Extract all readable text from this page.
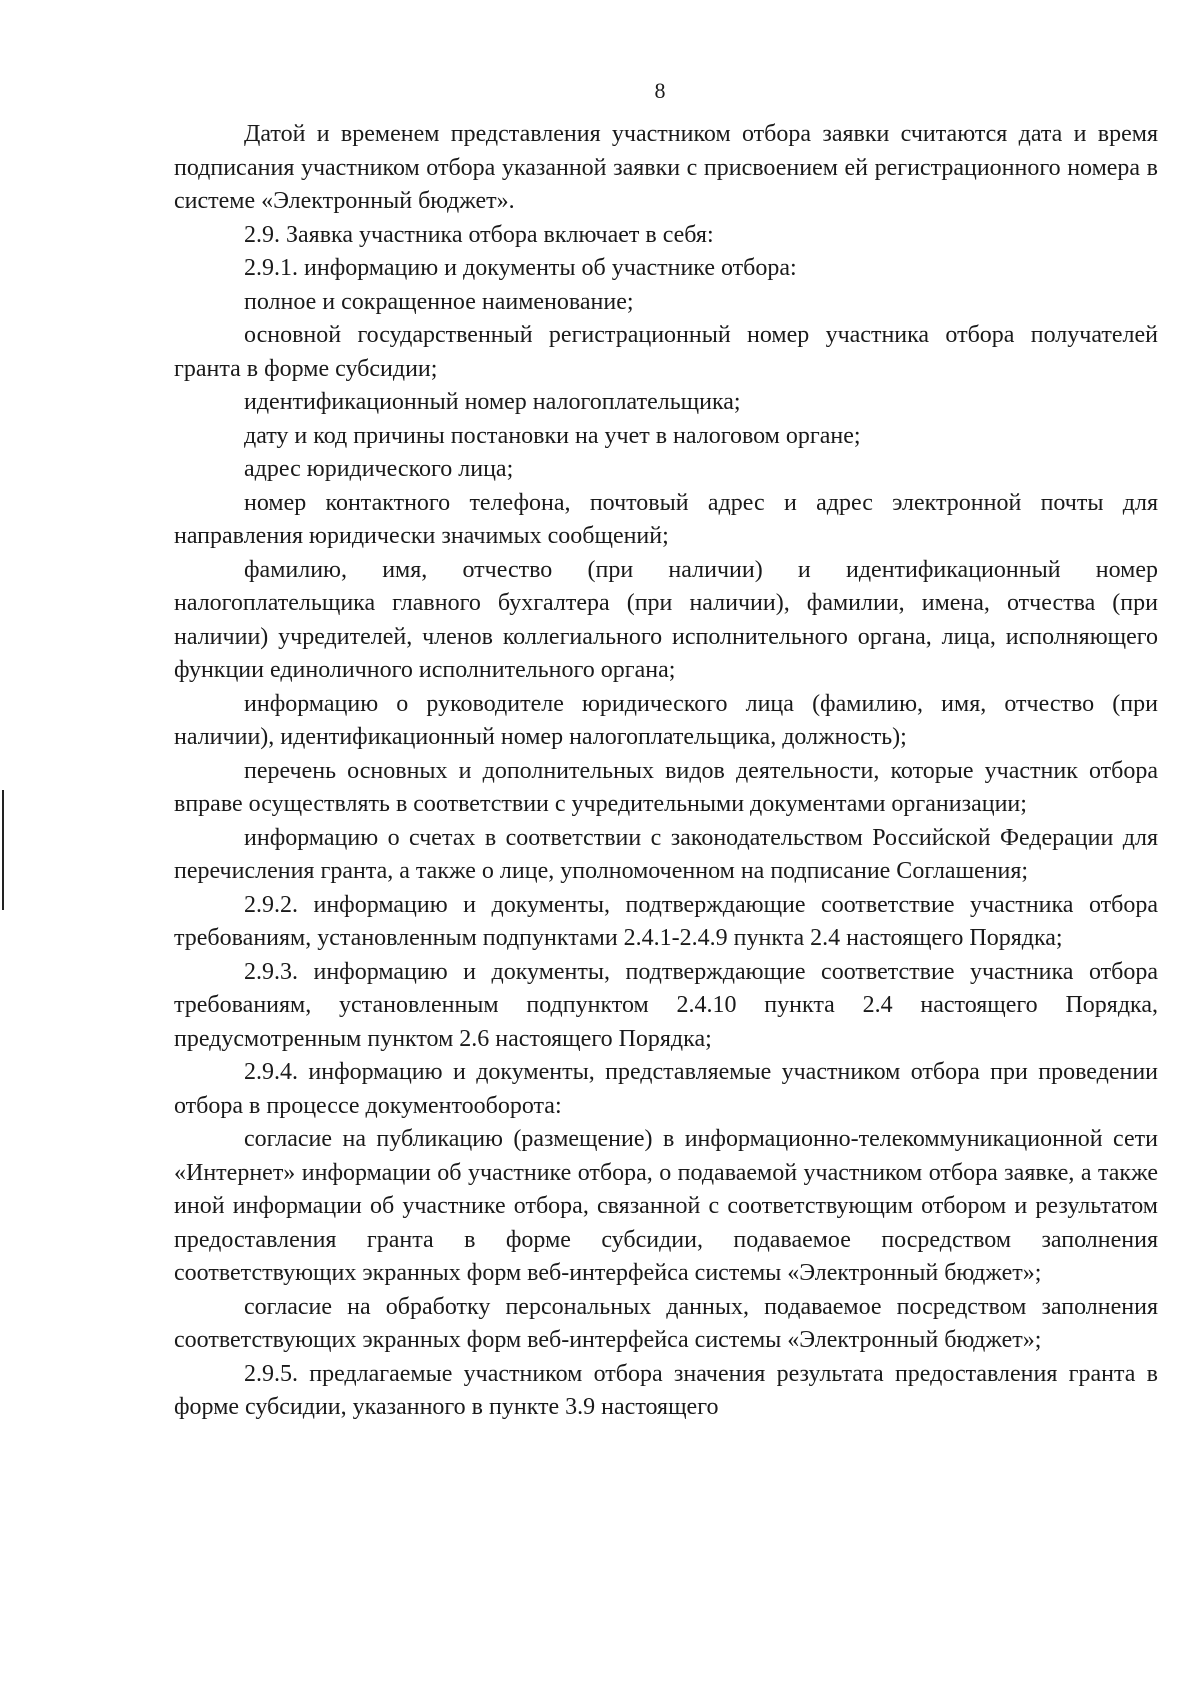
8

Датой и временем представления участником отбора заявки считаются дата и время подписания участником отбора указанной заявки с присвоением ей регистрационного номера в системе «Электронный бюджет».

2.9. Заявка участника отбора включает в себя:

2.9.1. информацию и документы об участнике отбора:

полное и сокращенное наименование;

основной государственный регистрационный номер участника отбора получателей гранта в форме субсидии;

идентификационный номер налогоплательщика;

дату и код причины постановки на учет в налоговом органе;

адрес юридического лица;

номер контактного телефона, почтовый адрес и адрес электронной почты для направления юридически значимых сообщений;

фамилию, имя, отчество (при наличии) и идентификационный номер налогоплательщика главного бухгалтера (при наличии), фамилии, имена, отчества (при наличии) учредителей, членов коллегиального исполнительного органа, лица, исполняющего функции единоличного исполнительного органа;

информацию о руководителе юридического лица (фамилию, имя, отчество (при наличии), идентификационный номер налогоплательщика, должность);

перечень основных и дополнительных видов деятельности, которые участник отбора вправе осуществлять в соответствии с учредительными документами организации;

информацию о счетах в соответствии с законодательством Российской Федерации для перечисления гранта, а также о лице, уполномоченном на подписание Соглашения;

2.9.2. информацию и документы, подтверждающие соответствие участника отбора требованиям, установленным подпунктами 2.4.1-2.4.9 пункта 2.4 настоящего Порядка;

2.9.3. информацию и документы, подтверждающие соответствие участника отбора требованиям, установленным подпунктом 2.4.10 пункта 2.4 настоящего Порядка, предусмотренным пунктом 2.6 настоящего Порядка;

2.9.4. информацию и документы, представляемые участником отбора при проведении отбора в процессе документооборота:

согласие на публикацию (размещение) в информационно-телекоммуникационной сети «Интернет» информации об участнике отбора, о подаваемой участником отбора заявке, а также иной информации об участнике отбора, связанной с соответствующим отбором и результатом предоставления гранта в форме субсидии, подаваемое посредством заполнения соответствующих экранных форм веб-интерфейса системы «Электронный бюджет»;

согласие на обработку персональных данных, подаваемое посредством заполнения соответствующих экранных форм веб-интерфейса системы «Электронный бюджет»;

2.9.5. предлагаемые участником отбора значения результата предоставления гранта в форме субсидии, указанного в пункте 3.9 настоящего
